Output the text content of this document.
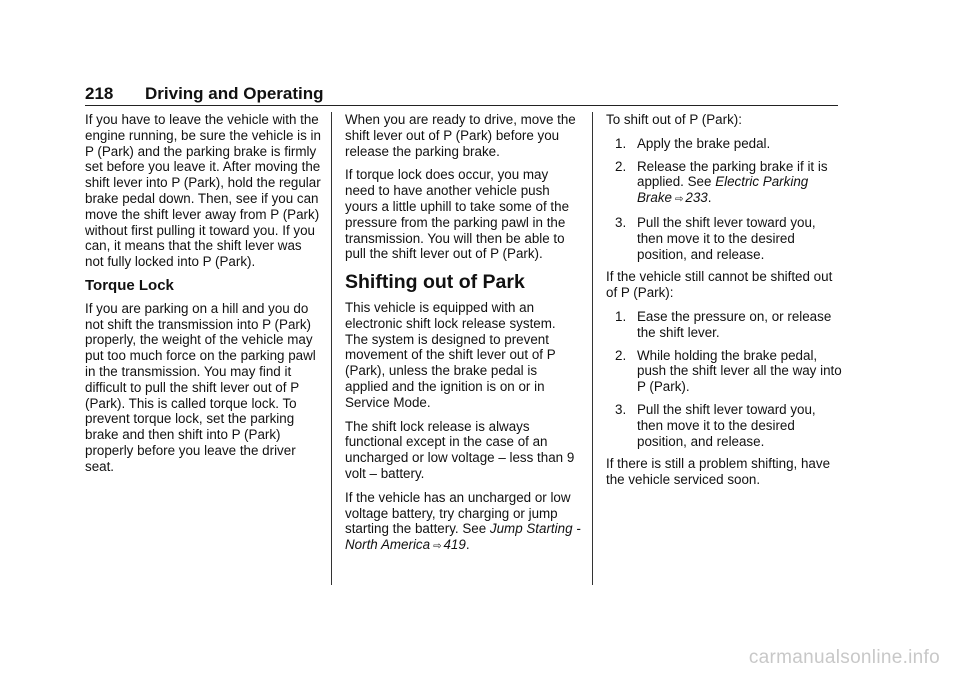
218 Driving and Operating

If you have to leave the vehicle with the engine running, be sure the vehicle is in P (Park) and the parking brake is firmly set before you leave it. After moving the shift lever into P (Park), hold the regular brake pedal down. Then, see if you can move the shift lever away from P (Park) without first pulling it toward you. If you can, it means that the shift lever was not fully locked into P (Park).

Torque Lock

If you are parking on a hill and you do not shift the transmission into P (Park) properly, the weight of the vehicle may put too much force on the parking pawl in the transmission. You may find it difficult to pull the shift lever out of P (Park). This is called torque lock. To prevent torque lock, set the parking brake and then shift into P (Park) properly before you leave the driver seat.

When you are ready to drive, move the shift lever out of P (Park) before you release the parking brake.

If torque lock does occur, you may need to have another vehicle push yours a little uphill to take some of the pressure from the parking pawl in the transmission. You will then be able to pull the shift lever out of P (Park).

Shifting out of Park

This vehicle is equipped with an electronic shift lock release system. The system is designed to prevent movement of the shift lever out of P (Park), unless the brake pedal is applied and the ignition is on or in Service Mode.

The shift lock release is always functional except in the case of an uncharged or low voltage – less than 9 volt – battery.

If the vehicle has an uncharged or low voltage battery, try charging or jump starting the battery. See Jump Starting - North America ⇨ 419.

To shift out of P (Park):

1. Apply the brake pedal.
2. Release the parking brake if it is applied. See Electric Parking Brake ⇨ 233.
3. Pull the shift lever toward you, then move it to the desired position, and release.

If the vehicle still cannot be shifted out of P (Park):

1. Ease the pressure on, or release the shift lever.
2. While holding the brake pedal, push the shift lever all the way into P (Park).
3. Pull the shift lever toward you, then move it to the desired position, and release.

If there is still a problem shifting, have the vehicle serviced soon.

carmanualsonline.info
